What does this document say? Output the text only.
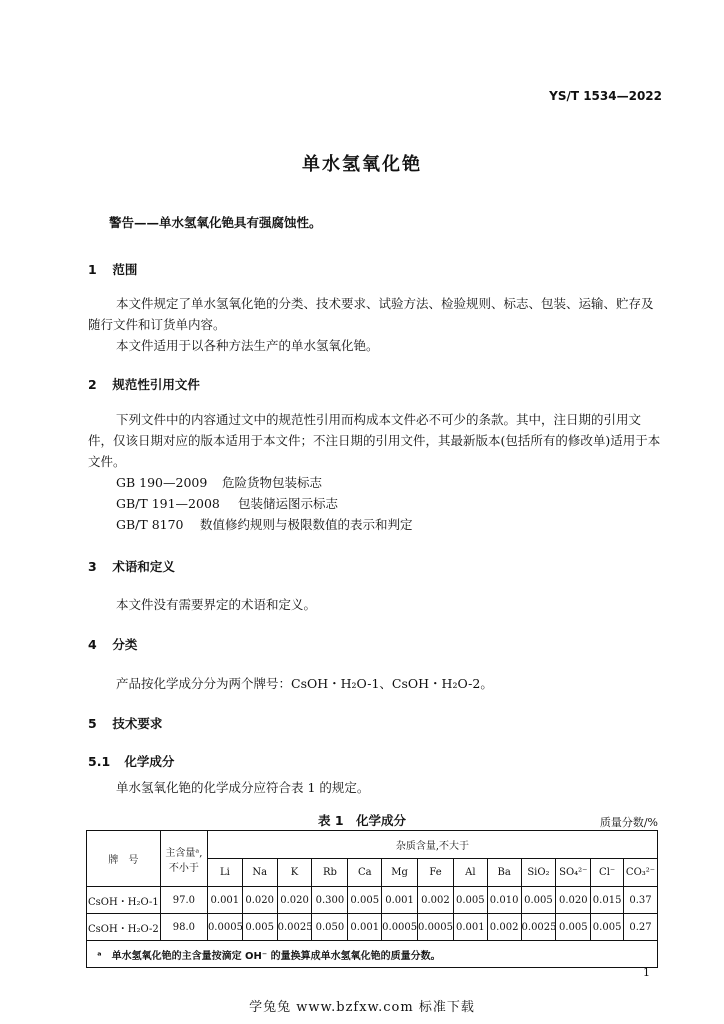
YS/T 1534—2022
单水氢氧化铯
警告——单水氢氧化铯具有强腐蚀性。
1 范围
本文件规定了单水氢氧化铯的分类、技术要求、试验方法、检验规则、标志、包装、运输、贮存及随行文件和订货单内容。
本文件适用于以各种方法生产的单水氢氧化铯。
2 规范性引用文件
下列文件中的内容通过文中的规范性引用而构成本文件必不可少的条款。其中，注日期的引用文件，仅该日期对应的版本适用于本文件；不注日期的引用文件，其最新版本(包括所有的修改单)适用于本文件。
GB 190—2009 危险货物包装标志
GB/T 191—2008 包装储运图示标志
GB/T 8170 数值修约规则与极限数值的表示和判定
3 术语和定义
本文件没有需要界定的术语和定义。
4 分类
产品按化学成分分为两个牌号：CsOH・H₂O-1、CsOH・H₂O-2。
5 技术要求
5.1 化学成分
单水氢氧化铯的化学成分应符合表 1 的规定。
表 1　化学成分	质量分数/%
牌　号	主含量ᵃ,
不小于	杂质含量,不大于												
		Li	Na	K	Rb	Ca	Mg	Fe	Al	Ba	SiO₂	SO₄²⁻	Cl⁻	CO₃²⁻
CsOH・H₂O-1	97.0	0.001	0.020	0.020	0.300	0.005	0.001	0.002	0.005	0.010	0.005	0.020	0.015	0.37
CsOH・H₂O-2	98.0	0.0005	0.005	0.0025	0.050	0.001	0.0005	0.0005	0.001	0.002	0.0025	0.005	0.005	0.27
ᵃ　单水氢氧化铯的主含量按滴定 OH⁻ 的量换算成单水氢氧化铯的质量分数。														
1
学兔兔 www.bzfxw.com 标准下载
